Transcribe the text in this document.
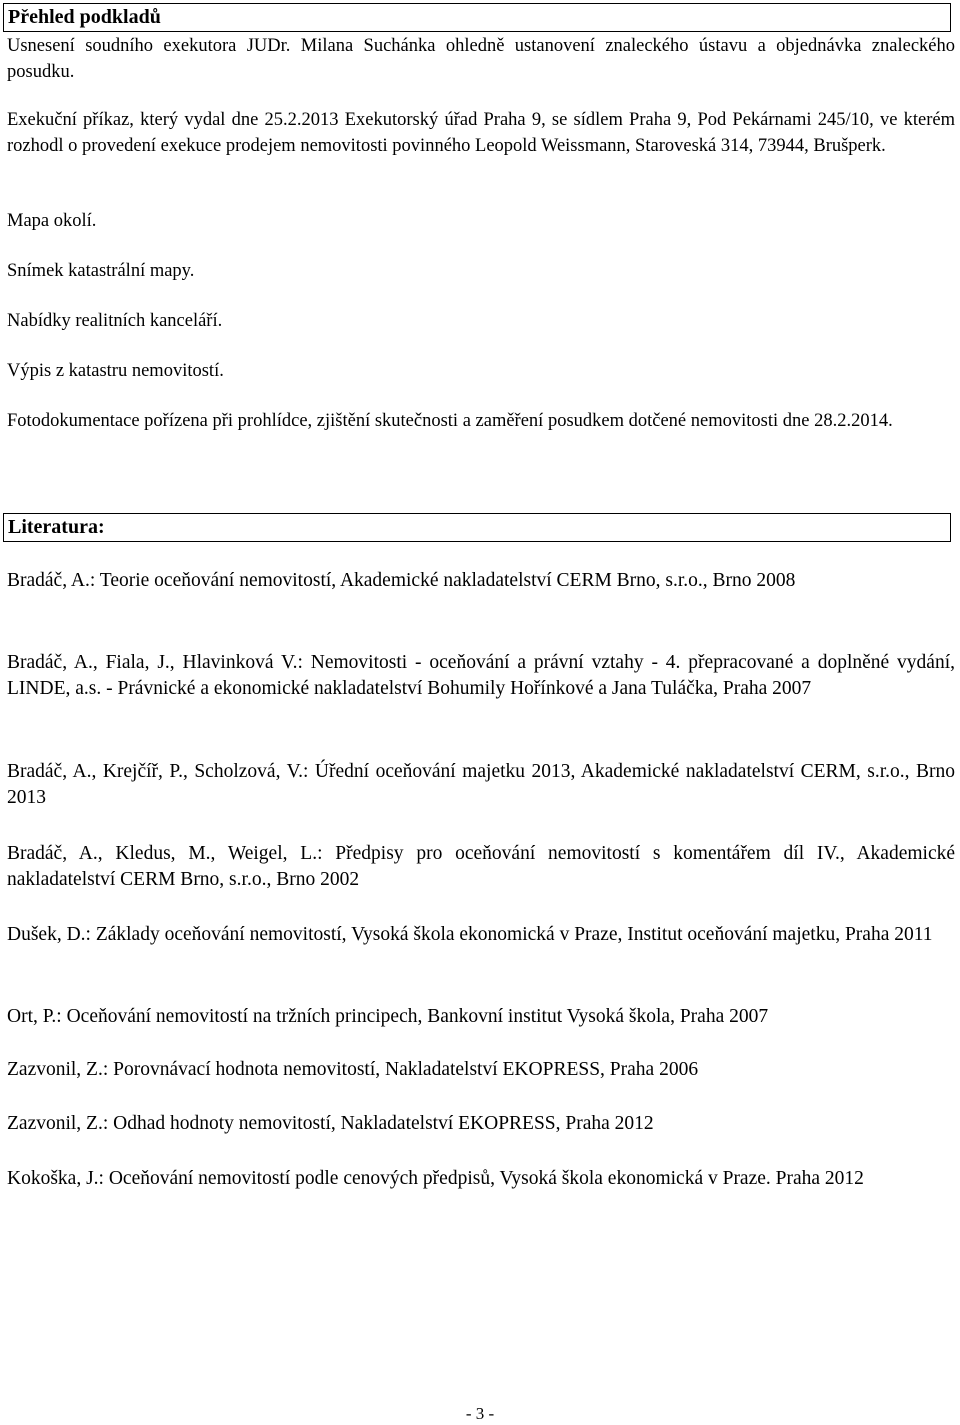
Přehled podkladů

Usnesení soudního exekutora JUDr. Milana Suchánka ohledně ustanovení znaleckého ústavu a objednávka znaleckého posudku.

Exekuční příkaz, který vydal dne 25.2.2013 Exekutorský úřad Praha 9, se sídlem Praha 9, Pod Pekárnami 245/10, ve kterém rozhodl o provedení exekuce prodejem nemovitosti povinného Leopold Weissmann, Staroveská 314, 73944, Brušperk.

Mapa okolí.

Snímek katastrální mapy.

Nabídky realitních kanceláří.

Výpis z katastru nemovitostí.

Fotodokumentace pořízena při prohlídce, zjištění skutečnosti a zaměření posudkem dotčené nemovitosti dne 28.2.2014.

Literatura:

Bradáč, A.: Teorie oceňování nemovitostí, Akademické nakladatelství CERM Brno, s.r.o., Brno 2008

Bradáč, A., Fiala, J., Hlavinková V.: Nemovitosti - oceňování a právní vztahy - 4. přepracované a doplněné vydání, LINDE, a.s. - Právnické a ekonomické nakladatelství Bohumily Hořínkové a Jana Tuláčka, Praha 2007

Bradáč, A., Krejčíř, P., Scholzová, V.: Úřední oceňování majetku 2013, Akademické nakladatelství CERM, s.r.o., Brno 2013

Bradáč, A., Kledus, M., Weigel, L.: Předpisy pro oceňování nemovitostí s komentářem díl IV., Akademické nakladatelství CERM Brno, s.r.o., Brno 2002

Dušek, D.: Základy oceňování nemovitostí, Vysoká škola ekonomická v Praze, Institut oceňování majetku, Praha 2011

Ort, P.: Oceňování nemovitostí na tržních principech, Bankovní institut Vysoká škola, Praha 2007

Zazvonil, Z.: Porovnávací hodnota nemovitostí, Nakladatelství EKOPRESS, Praha 2006

Zazvonil, Z.: Odhad hodnoty nemovitostí, Nakladatelství EKOPRESS, Praha 2012

Kokoška, J.: Oceňování nemovitostí podle cenových předpisů, Vysoká škola ekonomická v Praze. Praha 2012

- 3 -
